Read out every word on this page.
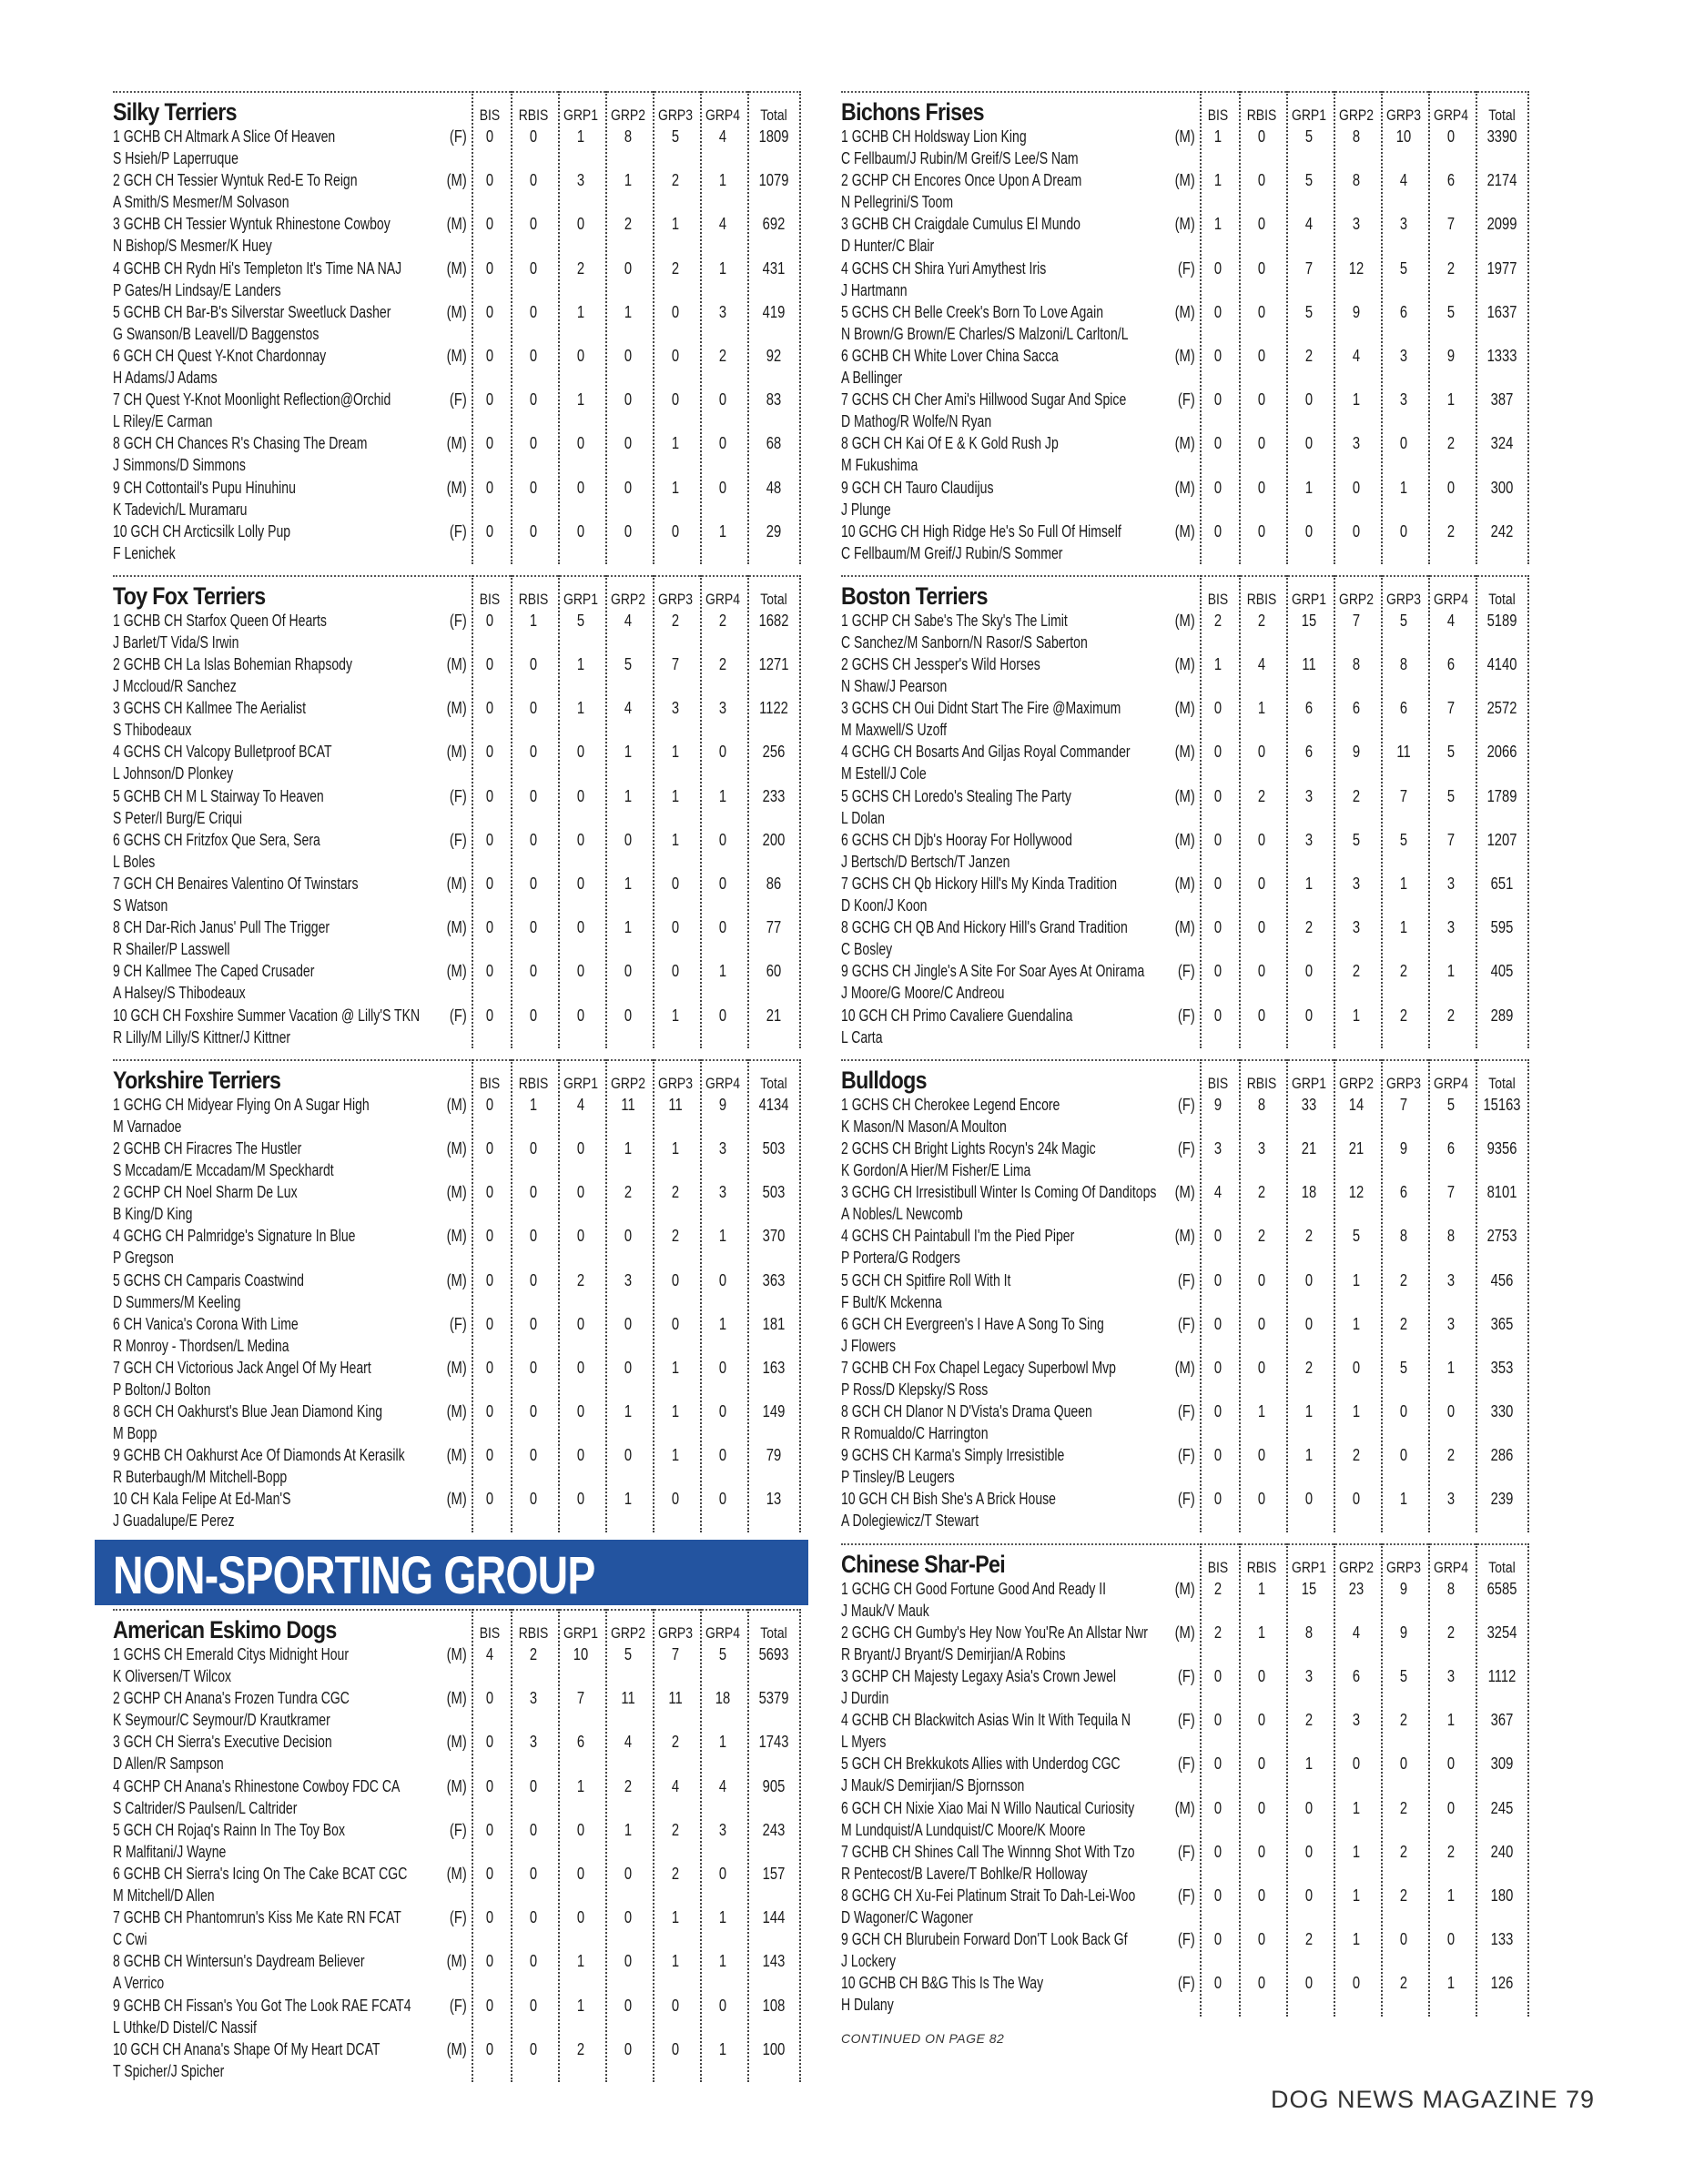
Silky Terriers	BIS	RBIS GRP1 GRP2 GRP3 GRP4	Total
1 GCHB CH Altmark A Slice Of Heaven
S Hsieh/P Laperruque
(F)	0	0	1	8	5	4	1809
2 GCH CH Tessier Wyntuk Red-E To Reign
A Smith/S Mesmer/M Solvason
(M)	0	0	3	1	2	1	1079
3 GCHB CH Tessier Wyntuk Rhinestone Cowboy
N Bishop/S Mesmer/K Huey
(M)	0	0	0	2	1	4	692
4 GCHB CH Rydn Hi's Templeton It's Time NA NAJ
P Gates/H Lindsay/E Landers
(M)	0	0	2	0	2	1	431
5 GCHB CH Bar-B's Silverstar Sweetluck Dasher
G Swanson/B Leavell/D Baggenstos
(M)	0	0	1	1	0	3	419
6 GCH CH Quest Y-Knot Chardonnay
H Adams/J Adams
(M)	0	0	0	0	0	2	92
7 CH Quest Y-Knot Moonlight Reflection@Orchid
L Riley/E Carman
(F)	0	0	1	0	0	0	83
8 GCH CH Chances R's Chasing The Dream
J Simmons/D Simmons
(M)	0	0	0	0	1	0	68
9 CH Cottontail's Pupu Hinuhinu
K Tadevich/L Muramaru
(M)	0	0	0	0	1	0	48
10 GCH CH Arcticsilk Lolly Pup
F Lenichek
(F)	0	0	0	0	0	1	29
Toy Fox Terriers	BIS	RBIS GRP1 GRP2 GRP3 GRP4	Total
1 GCHB CH Starfox Queen Of Hearts
J Barlet/T Vida/S Irwin
(F)	0	1	5	4	2	2	1682
2 GCHB CH La Islas Bohemian Rhapsody
J Mccloud/R Sanchez
(M)	0	0	1	5	7	2	1271
3 GCHS CH Kallmee The Aerialist
S Thibodeaux
(M)	0	0	1	4	3	3	1122
4 GCHS CH Valcopy Bulletproof BCAT
L Johnson/D Plonkey
(M)	0	0	0	1	1	0	256
5 GCHB CH M L Stairway To Heaven
S Peter/I Burg/E Criqui
(F)	0	0	0	1	1	1	233
6 GCHS CH Fritzfox Que Sera, Sera
L Boles
(F)	0	0	0	0	1	0	200
7 GCH CH Benaires Valentino Of Twinstars
S Watson
(M)	0	0	0	1	0	0	86
8 CH Dar-Rich Janus' Pull The Trigger
R Shailer/P Lasswell
(M)	0	0	0	1	0	0	77
9 CH Kallmee The Caped Crusader
A Halsey/S Thibodeaux
(M)	0	0	0	0	0	1	60
10 GCH CH Foxshire Summer Vacation @ Lilly'S TKN
R Lilly/M Lilly/S Kittner/J Kittner
(F)	0	0	0	0	1	0	21
Yorkshire Terriers	BIS	RBIS GRP1 GRP2 GRP3 GRP4	Total
1 GCHG CH Midyear Flying On A Sugar High
M Varnadoe
(M)	0	1	4	11	11	9	4134
2 GCHB CH Firacres The Hustler
S Mccadam/E Mccadam/M Speckhardt
(M)	0	0	0	1	1	3	503
2 GCHP CH Noel Sharm De Lux
B King/D King
(M)	0	0	0	2	2	3	503
4 GCHG CH Palmridge's Signature In Blue
P Gregson
(M)	0	0	0	0	2	1	370
5 GCHS CH Camparis Coastwind
D Summers/M Keeling
(M)	0	0	2	3	0	0	363
6 CH Vanica's Corona With Lime
R Monroy - Thordsen/L Medina
(F)	0	0	0	0	0	1	181
7 GCH CH Victorious Jack Angel Of My Heart
P Bolton/J Bolton
(M)	0	0	0	0	1	0	163
8 GCH CH Oakhurst's Blue Jean Diamond King
M Bopp
(M)	0	0	0	1	1	0	149
9 GCHB CH Oakhurst Ace Of Diamonds At Kerasilk
R Buterbaugh/M Mitchell-Bopp
(M)	0	0	0	0	1	0	79
10 CH Kala Felipe At Ed-Man'S
J Guadalupe/E Perez
(M)	0	0	0	1	0	0	13
American Eskimo Dogs	BIS	RBIS GRP1 GRP2 GRP3 GRP4	Total
1 GCHS CH Emerald Citys Midnight Hour
K Oliversen/T Wilcox
(M)	4	2	10	5	7	5	5693
2 GCHP CH Anana's Frozen Tundra CGC
K Seymour/C Seymour/D Krautkramer
(M)	0	3	7	11	11	18	5379
3 GCH CH Sierra's Executive Decision
D Allen/R Sampson
(M)	0	3	6	4	2	1	1743
4 GCHP CH Anana's Rhinestone Cowboy FDC CA
S Caltrider/S Paulsen/L Caltrider
(M)	0	0	1	2	4	4	905
5 GCH CH Rojaq's Rainn In The Toy Box
R Malfitani/J Wayne
(F)	0	0	0	1	2	3	243
6 GCHB CH Sierra's Icing On The Cake BCAT CGC
M Mitchell/D Allen
(M)	0	0	0	0	2	0	157
7 GCHB CH Phantomrun's Kiss Me Kate RN FCAT
C Cwi
(F)	0	0	0	0	1	1	144
8 GCHB CH Wintersun's Daydream Believer
A Verrico
(M)	0	0	1	0	1	1	143
9 GCHB CH Fissan's You Got The Look RAE FCAT4
L Uthke/D Distel/C Nassif
(F)	0	0	1	0	0	0	108
10 GCH CH Anana's Shape Of My Heart DCAT
T Spicher/J Spicher
(M)	0	0	2	0	0	1	100
Bichons Frises	BIS	RBIS GRP1 GRP2 GRP3 GRP4	Total
1 GCHB CH Holdsway Lion King
C Fellbaum/J Rubin/M Greif/S Lee/S Nam
(M)	1	0	5	8	10	0	3390
2 GCHP CH Encores Once Upon A Dream
N Pellegrini/S Toom
(M)	1	0	5	8	4	6	2174
3 GCHB CH Craigdale Cumulus El Mundo
D Hunter/C Blair
(M)	1	0	4	3	3	7	2099
4 GCHS CH Shira Yuri Amythest Iris
J Hartmann
(F)	0	0	7	12	5	2	1977
5 GCHS CH Belle Creek's Born To Love Again
N Brown/G Brown/E Charles/S Malzoni/L Carlton/L
(M)	0	0	5	9	6	5	1637
6 GCHB CH White Lover China Sacca
A Bellinger
(M)	0	0	2	4	3	9	1333
7 GCHS CH Cher Ami's Hillwood Sugar And Spice
D Mathog/R Wolfe/N Ryan
(F)	0	0	0	1	3	1	387
8 GCH CH Kai Of E & K Gold Rush Jp
M Fukushima
(M)	0	0	0	3	0	2	324
9 GCH CH Tauro Claudijus
J Plunge
(M)	0	0	1	0	1	0	300
10 GCHG CH High Ridge He's So Full Of Himself
C Fellbaum/M Greif/J Rubin/S Sommer
(M)	0	0	0	0	0	2	242
Boston Terriers	BIS	RBIS GRP1 GRP2 GRP3 GRP4	Total
1 GCHP CH Sabe's The Sky's The Limit
C Sanchez/M Sanborn/N Rasor/S Saberton
(M)	2	2	15	7	5	4	5189
2 GCHS CH Jessper's Wild Horses
N Shaw/J Pearson
(M)	1	4	11	8	8	6	4140
3 GCHS CH Oui Didnt Start The Fire @Maximum
M Maxwell/S Uzoff
(M)	0	1	6	6	6	7	2572
4 GCHG CH Bosarts And Giljas Royal Commander
M Estell/J Cole
(M)	0	0	6	9	11	5	2066
5 GCHS CH Loredo's Stealing The Party
L Dolan
(M)	0	2	3	2	7	5	1789
6 GCHS CH Djb's Hooray For Hollywood
J Bertsch/D Bertsch/T Janzen
(M)	0	0	3	5	5	7	1207
7 GCHS CH Qb Hickory Hill's My Kinda Tradition
D Koon/J Koon
(M)	0	0	1	3	1	3	651
8 GCHG CH QB And Hickory Hill's Grand Tradition
C Bosley
(M)	0	0	2	3	1	3	595
9 GCHS CH Jingle's A Site For Soar Ayes At Onirama
J Moore/G Moore/C Andreou
(F)	0	0	0	2	2	1	405
10 GCH CH Primo Cavaliere Guendalina
L Carta
(F)	0	0	0	1	2	2	289
Bulldogs	BIS	RBIS GRP1 GRP2 GRP3 GRP4	Total
1 GCHS CH Cherokee Legend Encore
K Mason/N Mason/A Moulton
(F)	9	8	33	14	7	5	15163
2 GCHS CH Bright Lights Rocyn's 24k Magic
K Gordon/A Hier/M Fisher/E Lima
(F)	3	3	21	21	9	6	9356
3 GCHG CH Irresistibull Winter Is Coming Of Danditops
A Nobles/L Newcomb
(M)	4	2	18	12	6	7	8101
4 GCHS CH Paintabull I'm the Pied Piper
P Portera/G Rodgers
(M)	0	2	2	5	8	8	2753
5 GCH CH Spitfire Roll With It
F Bult/K Mckenna
(F)	0	0	0	1	2	3	456
6 GCH CH Evergreen's I Have A Song To Sing
J Flowers
(F)	0	0	0	1	2	3	365
7 GCHB CH Fox Chapel Legacy Superbowl Mvp
P Ross/D Klepsky/S Ross
(M)	0	0	2	0	5	1	353
8 GCH CH Dlanor N D'Vista's Drama Queen
R Romualdo/C Harrington
(F)	0	1	1	1	0	0	330
9 GCHS CH Karma's Simply Irresistible
P Tinsley/B Leugers
(F)	0	0	1	2	0	2	286
10 GCH CH Bish She's A Brick House
A Dolegiewicz/T Stewart
(F)	0	0	0	0	1	3	239
Chinese Shar-Pei	BIS	RBIS GRP1 GRP2 GRP3 GRP4	Total
1 GCHG CH Good Fortune Good And Ready II
J Mauk/V Mauk
(M)	2	1	15	23	9	8	6585
2 GCHG CH Gumby's Hey Now You'Re An Allstar Nwr
R Bryant/J Bryant/S Demirjian/A Robins
(M)	2	1	8	4	9	2	3254
3 GCHP CH Majesty Legaxy Asia's Crown Jewel
J Durdin
(F)	0	0	3	6	5	3	1112
4 GCHB CH Blackwitch Asias Win It With Tequila N
L Myers
(F)	0	0	2	3	2	1	367
5 GCH CH Brekkukots Allies with Underdog CGC
J Mauk/S Demirjian/S Bjornsson
(F)	0	0	1	0	0	0	309
6 GCH CH Nixie Xiao Mai N Willo Nautical Curiosity
M Lundquist/A Lundquist/C Moore/K Moore
(M)	0	0	0	1	2	0	245
7 GCHB CH Shines Call The Winnng Shot With Tzo
R Pentecost/B Lavere/T Bohlke/R Holloway
(F)	0	0	0	1	2	2	240
8 GCHG CH Xu-Fei Platinum Strait To Dah-Lei-Woo
D Wagoner/C Wagoner
(F)	0	0	0	1	2	1	180
9 GCH CH Blurubein Forward Don'T Look Back Gf
J Lockery
(F)	0	0	2	1	0	0	133
10 GCHB CH B&G This Is The Way
H Dulany
(F)	0	0	0	0	2	1	126
NON-SPORTING GROUP
CONTINUED ON PAGE 82
DOG NEWS MAGAZINE 79
